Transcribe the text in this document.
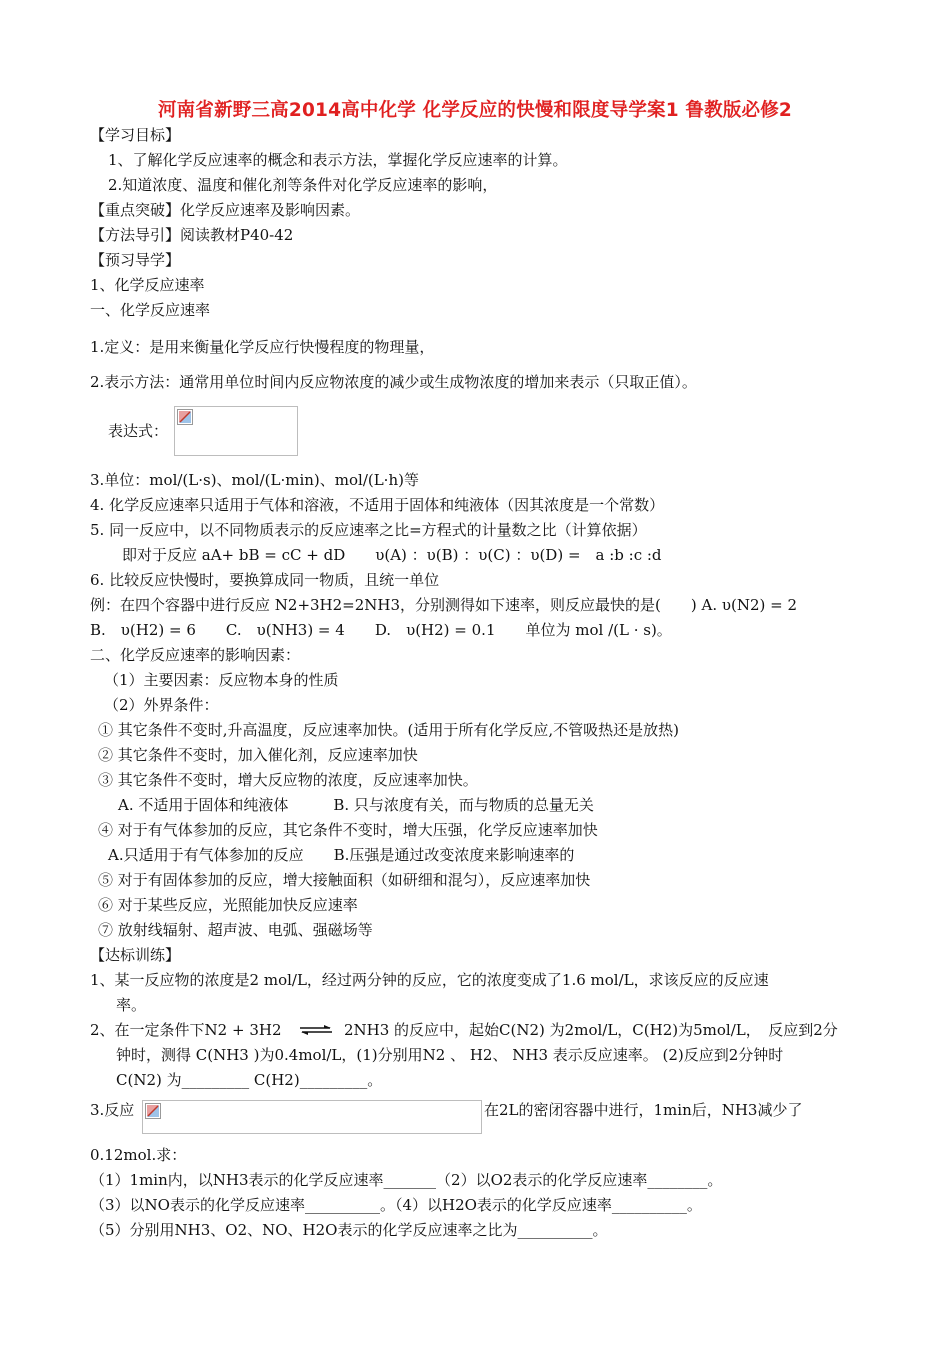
河南省新野三高2014高中化学 化学反应的快慢和限度导学案1 鲁教版必修2
【学习目标】
1、了解化学反应速率的概念和表示方法，掌握化学反应速率的计算。
2.知道浓度、温度和催化剂等条件对化学反应速率的影响，
【重点突破】化学反应速率及影响因素。
【方法导引】阅读教材P40-42
【预习导学】
1、化学反应速率
一、化学反应速率
1.定义：是用来衡量化学反应行快慢程度的物理量，
2.表示方法：通常用单位时间内反应物浓度的减少或生成物浓度的增加来表示（只取正值）。
表达式：
3.单位：mol/(L·s)、mol/(L·min)、mol/(L·h)等
4. 化学反应速率只适用于气体和溶液，不适用于固体和纯液体（因其浓度是一个常数）
5. 同一反应中，以不同物质表示的反应速率之比=方程式的计量数之比（计算依据）
即对于反应 aA+ bB = cC + dD　　υ(A) ：υ(B) ：υ(C) ：υ(D) =　a :b :c :d
6. 比较反应快慢时，要换算成同一物质，且统一单位
例：在四个容器中进行反应 N2+3H2=2NH3，分别测得如下速率，则反应最快的是(　　) A. υ(N2) = 2
B.　υ(H2) = 6　　C.　υ(NH3) = 4　　D.　υ(H2) = 0.1　　单位为 mol /(L · s)。
二、化学反应速率的影响因素：
（1）主要因素：反应物本身的性质
（2）外界条件：
① 其它条件不变时,升高温度，反应速率加快。(适用于所有化学反应,不管吸热还是放热)
② 其它条件不变时，加入催化剂，反应速率加快
③ 其它条件不变时，增大反应物的浓度，反应速率加快。
A. 不适用于固体和纯液体　　　B. 只与浓度有关，而与物质的总量无关
④ 对于有气体参加的反应，其它条件不变时，增大压强，化学反应速率加快
A.只适用于有气体参加的反应　　B.压强是通过改变浓度来影响速率的
⑤ 对于有固体参加的反应，增大接触面积（如研细和混匀），反应速率加快
⑥ 对于某些反应，光照能加快反应速率
⑦ 放射线辐射、超声波、电弧、强磁场等
【达标训练】
1、某一反应物的浓度是2 mol/L，经过两分钟的反应，它的浓度变成了1.6 mol/L，求该反应的反应速
率。
2、在一定条件下N2 + 3H2 ⇌ 2NH3 的反应中，起始C(N2) 为2mol/L，C(H2)为5mol/L，　反应到2分
钟时，测得 C(NH3 )为0.4mol/L，(1)分别用N2 、 H2、 NH3 表示反应速率。 (2)反应到2分钟时
C(N2) 为_________ C(H2)_________。
3.反应	在2L的密闭容器中进行，1min后，NH3减少了
0.12mol.求：
（1）1min内，以NH3表示的化学反应速率_______（2）以O2表示的化学反应速率________。
（3）以NO表示的化学反应速率__________。（4）以H2O表示的化学反应速率__________。
（5）分别用NH3、O2、NO、H2O表示的化学反应速率之比为__________。
